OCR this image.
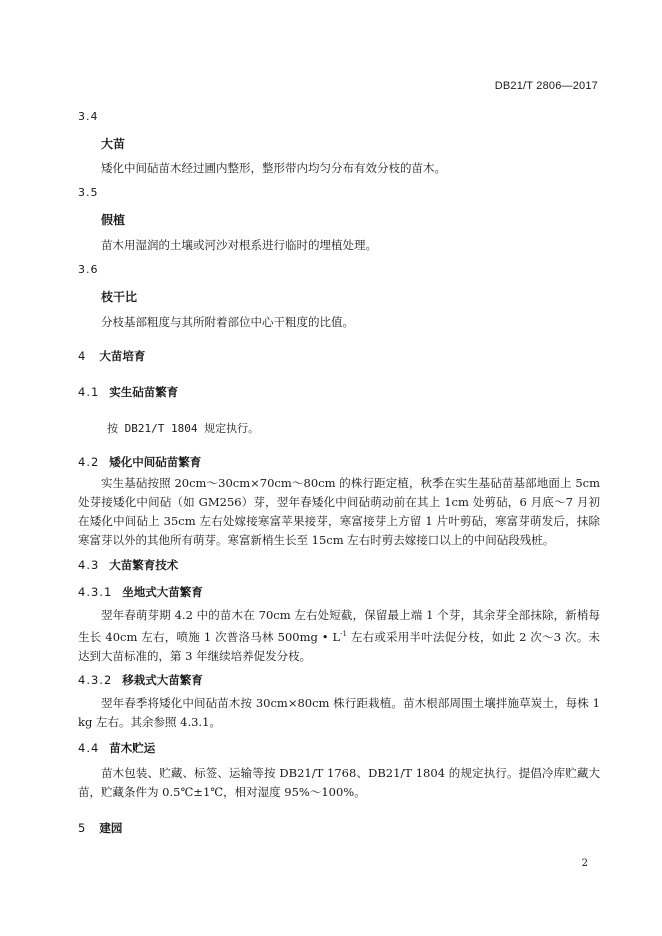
DB21/T 2806—2017
3.4
大苗
矮化中间砧苗木经过圃内整形，整形带内均匀分布有效分枝的苗木。
3.5
假植
苗木用湿润的土壤或河沙对根系进行临时的埋植处理。
3.6
枝干比
分枝基部粗度与其所附着部位中心干粗度的比值。
4 大苗培育
4.1 实生砧苗繁育
按 DB21/T 1804 规定执行。
4.2 矮化中间砧苗繁育
实生基砧按照 20cm～30cm×70cm～80cm 的株行距定植，秋季在实生基砧苗基部地面上 5cm 处芽接矮化中间砧（如 GM256）芽，翌年春矮化中间砧萌动前在其上 1cm 处剪砧，6 月底～7 月初在矮化中间砧上 35cm 左右处嫁接寒富苹果接芽，寒富接芽上方留 1 片叶剪砧，寒富芽萌发后，抹除寒富芽以外的其他所有萌芽。寒富新梢生长至 15cm 左右时剪去嫁接口以上的中间砧段残桩。
4.3 大苗繁育技术
4.3.1 坐地式大苗繁育
翌年春萌芽期 4.2 中的苗木在 70cm 左右处短截，保留最上端 1 个芽，其余芽全部抹除，新梢每生长 40cm 左右，喷施 1 次普洛马林 500mg • $L^{-1}$ 左右或采用半叶法促分枝，如此 2 次～3 次。未达到大苗标准的，第 3 年继续培养促发分枝。
4.3.2 移栽式大苗繁育
翌年春季将矮化中间砧苗木按 30cm×80cm 株行距栽植。苗木根部周围土壤拌施草炭土，每株 1kg 左右。其余参照 4.3.1。
4.4 苗木贮运
苗木包装、贮藏、标签、运输等按 DB21/T 1768、DB21/T 1804 的规定执行。提倡冷库贮藏大苗，贮藏条件为 0.5℃±1℃，相对湿度 95%～100%。
5 建园
2
